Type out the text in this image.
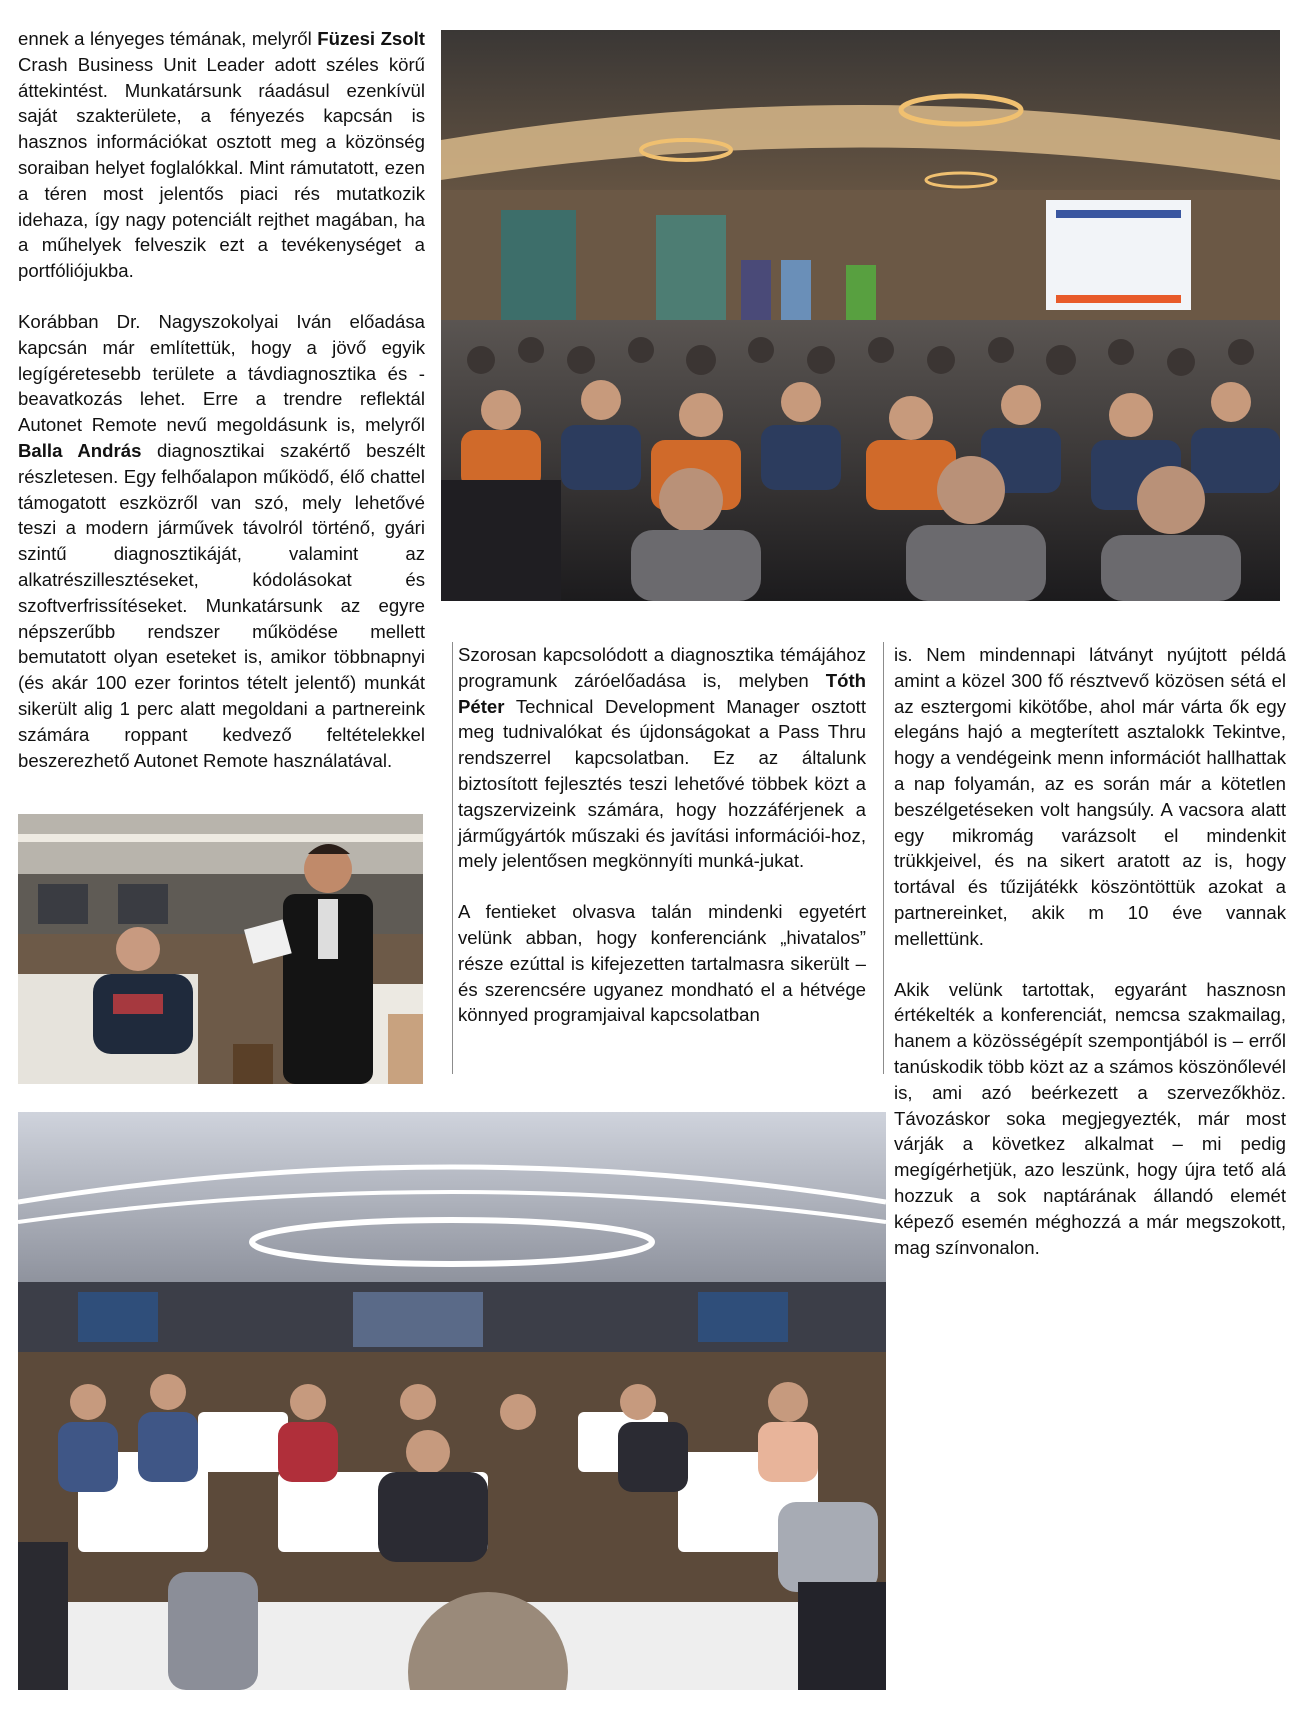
ennek a lényeges témának, melyről Füzesi Zsolt Crash Business Unit Leader adott széles körű áttekintést. Munkatársunk ráadásul ezenkívül saját szakterülete, a fényezés kapcsán is hasznos információkat osztott meg a közönség soraiban helyet foglalókkal. Mint rámutatott, ezen a téren most jelentős piaci rés mutatkozik idehaza, így nagy potenciált rejthet magában, ha a műhelyek felveszik ezt a tevékenységet a portfóliójukba.

Korábban Dr. Nagyszokolyai Iván előadása kapcsán már említettük, hogy a jövő egyik legígéretesebb területe a távdiagnosztika és -beavatkozás lehet. Erre a trendre reflektál Autonet Remote nevű megoldásunk is, melyről Balla András diagnosztikai szakértő beszélt részletesen. Egy felhőalapon működő, élő chattel támogatott eszközről van szó, mely lehetővé teszi a modern járművek távolról történő, gyári szintű diagnosztikáját, valamint az alkatrészillesztéseket, kódolásokat és szoftverfrissítéseket. Munkatársunk az egyre népszerűbb rendszer működése mellett bemutatott olyan eseteket is, amikor többnapnyi (és akár 100 ezer forintos tételt jelentő) munkát sikerült alig 1 perc alatt megoldani a partnereink számára roppant kedvező feltételekkel beszerezhető Autonet Remote használatával.

Szorosan kapcsolódott a diagnosztika témájához programunk záróelőadása is, melyben Tóth Péter Technical Development Manager osztott meg tudnivalókat és újdonságokat a Pass Thru rendszerrel kapcsolatban. Ez az általunk biztosított fejlesztés teszi lehetővé többek közt a tagszervizeink számára, hogy hozzáférjenek a járműgyártók műszaki és javítási információi-hoz, mely jelentősen megkönnyíti munká-jukat.

A fentieket olvasva talán mindenki egyetért velünk abban, hogy konferenciánk „hivatalos” része ezúttal is kifejezetten tartalmasra sikerült – és szerencsére ugyanez mondható el a hétvége könnyed programjaival kapcsolatban

is. Nem mindennapi látványt nyújtott példá amint a közel 300 fő résztvevő közösen sétá el az esztergomi kikötőbe, ahol már várta ők egy elegáns hajó a megterített asztalokk Tekintve, hogy a vendégeink menn információt hallhattak a nap folyamán, az es során már a kötetlen beszélgetéseken volt hangsúly. A vacsora alatt egy mikromág varázsolt el mindenkit trükkjeivel, és na sikert aratott az is, hogy tortával és tűzijátékk köszöntöttük azokat a partnereinket, akik m 10 éve vannak mellettünk.

Akik velünk tartottak, egyaránt hasznosn értékelték a konferenciát, nemcsa szakmailag, hanem a közösségépít szempontjából is – erről tanúskodik több közt az a számos köszönőlevél is, ami azó beérkezett a szervezőkhöz. Távozáskor soka megjegyezték, már most várják a következ alkalmat – mi pedig megígérhetjük, azo leszünk, hogy újra tető alá hozzuk a sok naptárának állandó elemét képező esemén méghozzá a már megszokott, mag színvonalon.
